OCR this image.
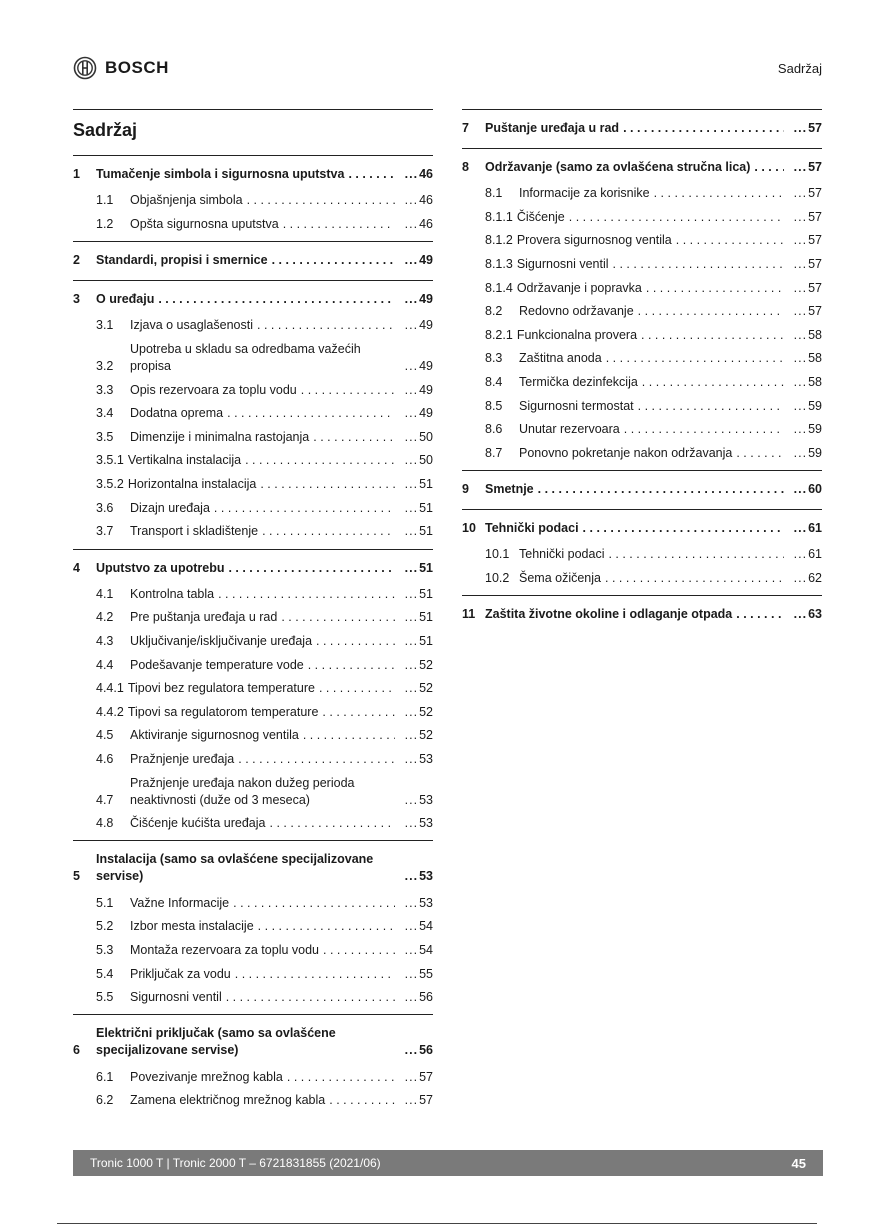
BOSCH	Sadržaj
Sadržaj
1	Tumačenje simbola i sigurnosna uputstva . . .	... 46
1.1	Objašnjenja simbola . . .	... 46
1.2	Opšta sigurnosna uputstva . . .	... 46
2	Standardi, propisi i smernice . . .	... 49
3	O uređaju . . .	... 49
3.1	Izjava o usaglašenosti . . .	... 49
3.2
Upotreba u skladu sa odredbama važećih propisa	... 49
3.3	Opis rezervoara za toplu vodu . . .	... 49
3.4	Dodatna oprema . . .	... 49
3.5	Dimenzije i minimalna rastojanja . . .	... 50
3.5.1 Vertikalna instalacija . . .	... 50
3.5.2 Horizontalna instalacija . . .	... 51
3.6	Dizajn uređaja . . .	... 51
3.7	Transport i skladištenje . . .	... 51
4	Uputstvo za upotrebu . . .	... 51
4.1	Kontrolna tabla . . .	... 51
4.2	Pre puštanja uređaja u rad . . .	... 51
4.3	Uključivanje/isključivanje uređaja . . .	... 51
4.4	Podešavanje temperature vode . . .	... 52
4.4.1 Tipovi bez regulatora temperature . . .	... 52
4.4.2 Tipovi sa regulatorom temperature . . .	... 52
4.5	Aktiviranje sigurnosnog ventila . . .	... 52
4.6	Pražnjenje uređaja . . .	... 53
4.7
Pražnjenje uređaja nakon dužeg perioda neaktivnosti (duže od 3 meseca)	... 53
4.8	Čišćenje kućišta uređaja . . .	... 53
5
Instalacija (samo sa ovlašćene specijalizovane servise)	... 53
5.1	Važne Informacije . . .	... 53
5.2	Izbor mesta instalacije . . .	... 54
5.3	Montaža rezervoara za toplu vodu . . .	... 54
5.4	Priključak za vodu . . .	... 55
5.5	Sigurnosni ventil . . .	... 56
6
Električni priključak (samo sa ovlašćene specijalizovane servise)	... 56
6.1	Povezivanje mrežnog kabla . . .	... 57
6.2	Zamena električnog mrežnog kabla . . .	... 57
7	Puštanje uređaja u rad . . .	... 57
8	Održavanje (samo za ovlašćena stručna lica) . . .	... 57
8.1	Informacije za korisnike . . .	... 57
8.1.1 Čišćenje . . .	... 57
8.1.2 Provera sigurnosnog ventila . . .	... 57
8.1.3 Sigurnosni ventil . . .	... 57
8.1.4 Održavanje i popravka . . .	... 57
8.2	Redovno održavanje . . .	... 57
8.2.1 Funkcionalna provera . . .	... 58
8.3	Zaštitna anoda . . .	... 58
8.4	Termička dezinfekcija . . .	... 58
8.5	Sigurnosni termostat . . .	... 59
8.6	Unutar rezervoara . . .	... 59
8.7	Ponovno pokretanje nakon održavanja . . .	... 59
9	Smetnje . . .	... 60
10 Tehnički podaci . . .	... 61
10.1 Tehnički podaci . . .	... 61
10.2 Šema ožičenja . . .	... 62
11 Zaštita životne okoline i odlaganje otpada . . .	... 63
Tronic 1000 T | Tronic 2000 T – 6721831855 (2021/06)	45
